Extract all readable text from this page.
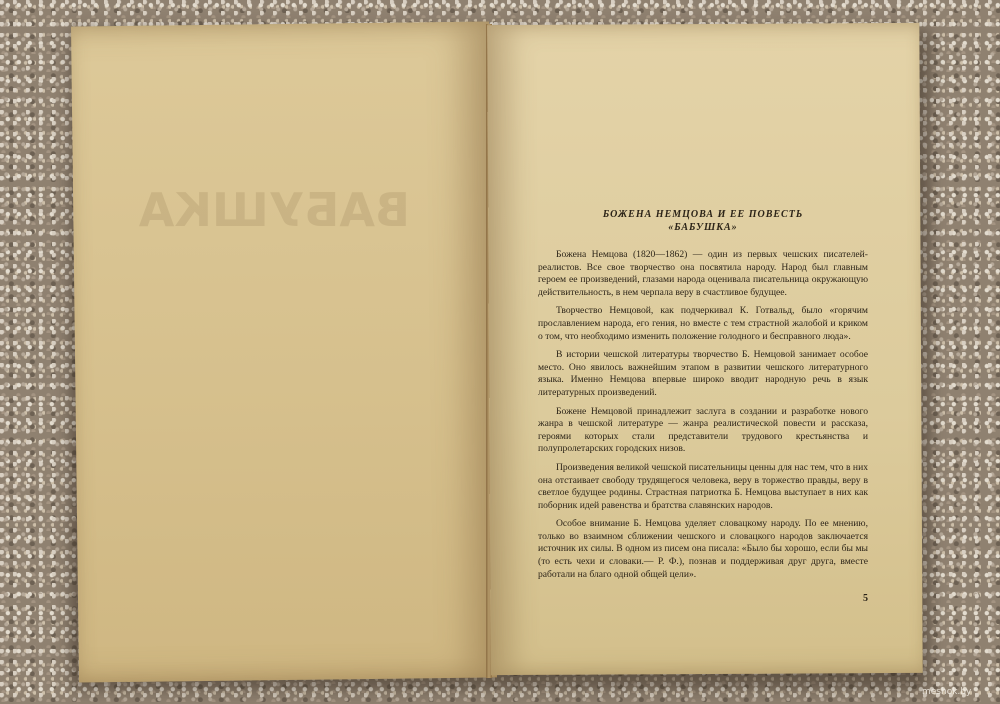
ВАБУШКА	БОЖЕНА НЕМЦОВА И ЕЕ ПОВЕСТЬ
«БАБУШКА»

Божена Немцова (1820—1862) — один из первых чешских писателей-реалистов. Все свое творчество она посвятила народу. Народ был главным героем ее произведений, глазами народа оценивала писательница окружающую действительность, в нем черпала веру в счастливое будущее.

Творчество Немцовой, как подчеркивал К. Готвальд, было «горячим прославлением народа, его гения, но вместе с тем страстной жалобой и криком о том, что необходимо изменить положение голодного и бесправного люда».

В истории чешской литературы творчество Б. Немцовой занимает особое место. Оно явилось важнейшим этапом в развитии чешского литературного языка. Именно Немцова впервые широко вводит народную речь в язык литературных произведений.

Божене Немцовой принадлежит заслуга в создании и разработке нового жанра в чешской литературе — жанра реалистической повести и рассказа, героями которых стали представители трудового крестьянства и полупролетарских городских низов.

Произведения великой чешской писательницы ценны для нас тем, что в них она отстаивает свободу трудящегося человека, веру в торжество правды, веру в светлое будущее родины. Страстная патриотка Б. Немцова выступает в них как поборник идей равенства и братства славянских народов.

Особое внимание Б. Немцова уделяет словацкому народу. По ее мнению, только во взаимном сближении чешского и словацкого народов заключается источник их силы. В одном из писем она писала: «Было бы хорошо, если бы мы (то есть чехи и словаки.— Р. Ф.), познав и поддерживая друг друга, вместе работали на благо одной общей цели».

5
meshok.by
